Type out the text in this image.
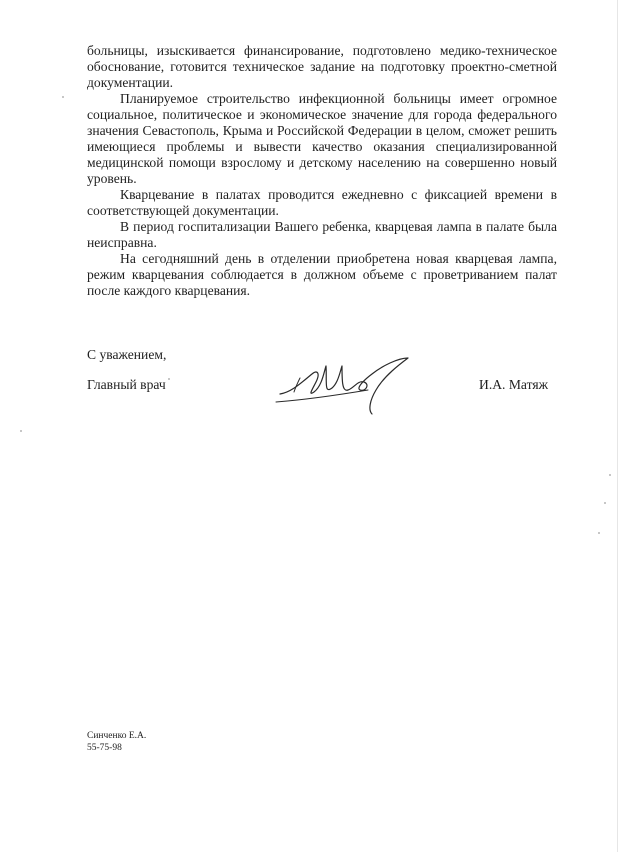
больницы, изыскивается финансирование, подготовлено медико-техническое обоснование, готовится техническое задание на подготовку проектно-сметной документации.

Планируемое строительство инфекционной больницы имеет огромное социальное, политическое и экономическое значение для города федерального значения Севастополь, Крыма и Российской Федерации в целом, сможет решить имеющиеся проблемы и вывести качество оказания специализированной медицинской помощи взрослому и детскому населению на совершенно новый уровень.

Кварцевание в палатах проводится ежедневно с фиксацией времени в соответствующей документации.

В период госпитализации Вашего ребенка, кварцевая лампа в палате была неисправна.

На сегодняшний день в отделении приобретена новая кварцевая лампа, режим кварцевания соблюдается в должном объеме с проветриванием палат после каждого кварцевания.

С уважением,
Главный врач	И.А. Матяж
Синченко Е.А.
55-75-98
